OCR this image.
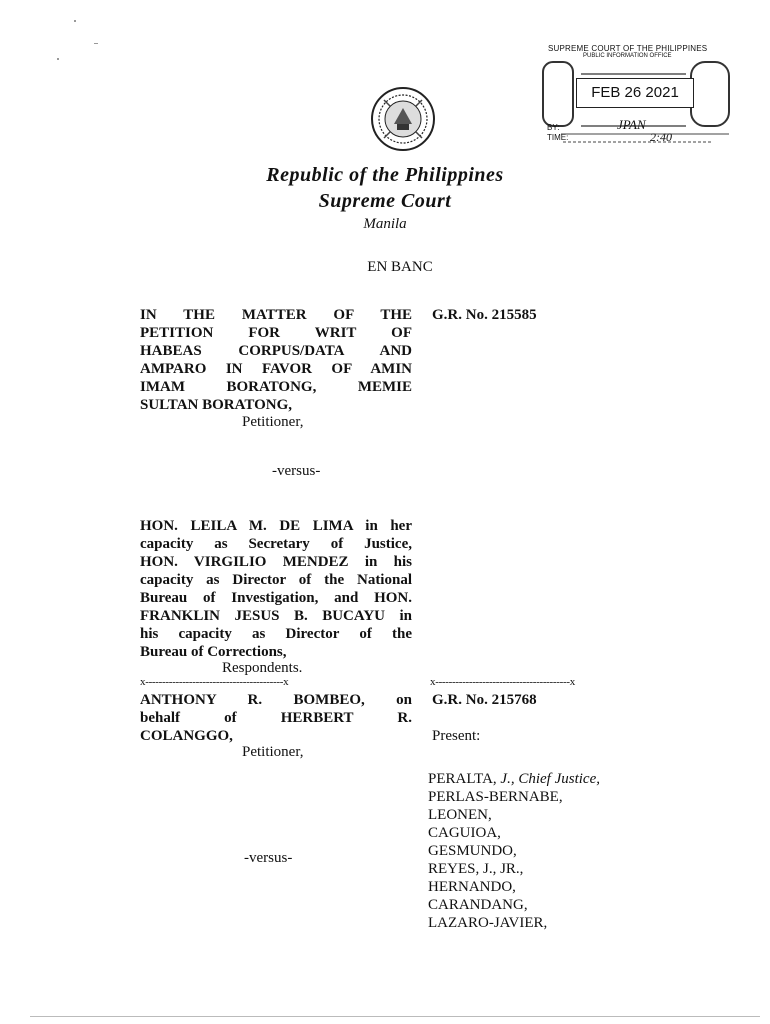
SUPREME COURT OF THE PHILIPPINES
PUBLIC INFORMATION OFFICE
FEB 26 2021
BY:
TIME:
JPAN
2:40
Republic of the Philippines
Supreme Court
Manila
EN BANC
IN THE MATTER OF THE
PETITION FOR WRIT OF
HABEAS CORPUS/DATA AND
AMPARO IN FAVOR OF AMIN
IMAM BORATONG, MEMIE
SULTAN BORATONG,
Petitioner,
G.R. No. 215585
-versus-
HON. LEILA M. DE LIMA in her
capacity as Secretary of Justice,
HON. VIRGILIO MENDEZ in his
capacity as Director of the National
Bureau of Investigation, and HON.
FRANKLIN JESUS B. BUCAYU in
his capacity as Director of the
Bureau of Corrections,
Respondents.
x-----------------------------------------x	x----------------------------------------x
ANTHONY R. BOMBEO, on
behalf of HERBERT R.
COLANGGO,
Petitioner,
G.R. No. 215768
Present:
-versus-
PERALTA, J., Chief Justice,
PERLAS-BERNABE,
LEONEN,
CAGUIOA,
GESMUNDO,
REYES, J., JR.,
HERNANDO,
CARANDANG,
LAZARO-JAVIER,
